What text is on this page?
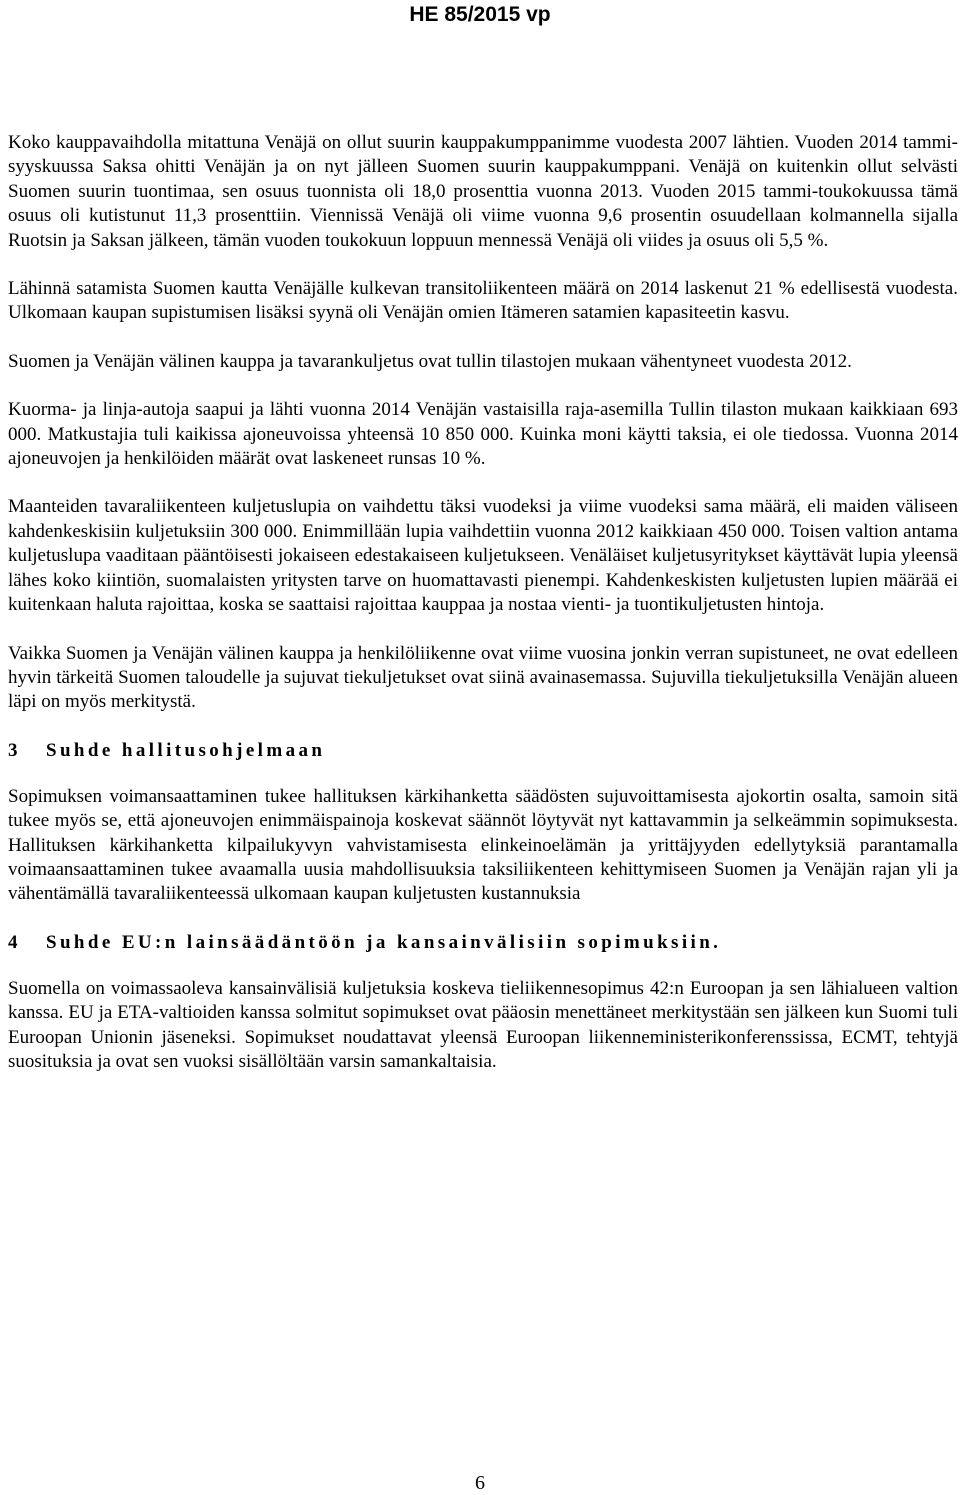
HE 85/2015 vp

Koko kauppavaihdolla mitattuna Venäjä on ollut suurin kauppakumppanimme vuodesta 2007 lähtien. Vuoden 2014 tammi-syyskuussa Saksa ohitti Venäjän ja on nyt jälleen Suomen suurin kauppakumppani. Venäjä on kuitenkin ollut selvästi Suomen suurin tuontimaa, sen osuus tuonnista oli 18,0 prosenttia vuonna 2013. Vuoden 2015 tammi-toukokuussa tämä osuus oli kutistunut 11,3 prosenttiin. Viennissä Venäjä oli viime vuonna 9,6 prosentin osuudellaan kolmannella sijalla Ruotsin ja Saksan jälkeen, tämän vuoden toukokuun loppuun mennessä Venäjä oli viides ja osuus oli 5,5 %.

Lähinnä satamista Suomen kautta Venäjälle kulkevan transitoliikenteen määrä on 2014 laskenut 21 % edellisestä vuodesta. Ulkomaan kaupan supistumisen lisäksi syynä oli Venäjän omien Itämeren satamien kapasiteetin kasvu.

Suomen ja Venäjän välinen kauppa ja tavarankuljetus ovat tullin tilastojen mukaan vähentyneet vuodesta 2012.

Kuorma- ja linja-autoja saapui ja lähti vuonna 2014 Venäjän vastaisilla raja-asemilla Tullin tilaston mukaan kaikkiaan 693 000. Matkustajia tuli kaikissa ajoneuvoissa yhteensä 10 850 000. Kuinka moni käytti taksia, ei ole tiedossa. Vuonna 2014 ajoneuvojen ja henkilöiden määrät ovat laskeneet runsas 10 %.

Maanteiden tavaraliikenteen kuljetuslupia on vaihdettu täksi vuodeksi ja viime vuodeksi sama määrä, eli maiden väliseen kahdenkeskisiin kuljetuksiin 300 000. Enimmillään lupia vaihdettiin vuonna 2012 kaikkiaan 450 000. Toisen valtion antama kuljetuslupa vaaditaan pääntöisesti jokaiseen edestakaiseen kuljetukseen. Venäläiset kuljetusyritykset käyttävät lupia yleensä lähes koko kiintiön, suomalaisten yritysten tarve on huomattavasti pienempi. Kahdenkeskisten kuljetusten lupien määrää ei kuitenkaan haluta rajoittaa, koska se saattaisi rajoittaa kauppaa ja nostaa vienti- ja tuontikuljetusten hintoja.

Vaikka Suomen ja Venäjän välinen kauppa ja henkilöliikenne ovat viime vuosina jonkin verran supistuneet, ne ovat edelleen hyvin tärkeitä Suomen taloudelle ja sujuvat tiekuljetukset ovat siinä avainasemassa. Sujuvilla tiekuljetuksilla Venäjän alueen läpi on myös merkitystä.

3 Suhde hallitusohjelmaan

Sopimuksen voimansaattaminen tukee hallituksen kärkihanketta säädösten sujuvoittamisesta ajokortin osalta, samoin sitä tukee myös se, että ajoneuvojen enimmäispainoja koskevat säännöt löytyvät nyt kattavammin ja selkeämmin sopimuksesta. Hallituksen kärkihanketta kilpailukyvyn vahvistamisesta elinkeinoelämän ja yrittäjyyden edellytyksiä parantamalla voimaansaattaminen tukee avaamalla uusia mahdollisuuksia taksiliikenteen kehittymiseen Suomen ja Venäjän rajan yli ja vähentämällä tavaraliikenteessä ulkomaan kaupan kuljetusten kustannuksia

4 Suhde EU:n lainsäädäntöön ja kansainvälisiin sopimuksiin.

Suomella on voimassaoleva kansainvälisiä kuljetuksia koskeva tieliikennesopimus 42:n Euroopan ja sen lähialueen valtion kanssa. EU ja ETA-valtioiden kanssa solmitut sopimukset ovat pääosin menettäneet merkitystään sen jälkeen kun Suomi tuli Euroopan Unionin jäseneksi. Sopimukset noudattavat yleensä Euroopan liikenneministerikonferenssissa, ECMT, tehtyjä suosituksia ja ovat sen vuoksi sisällöltään varsin samankaltaisia.

6
